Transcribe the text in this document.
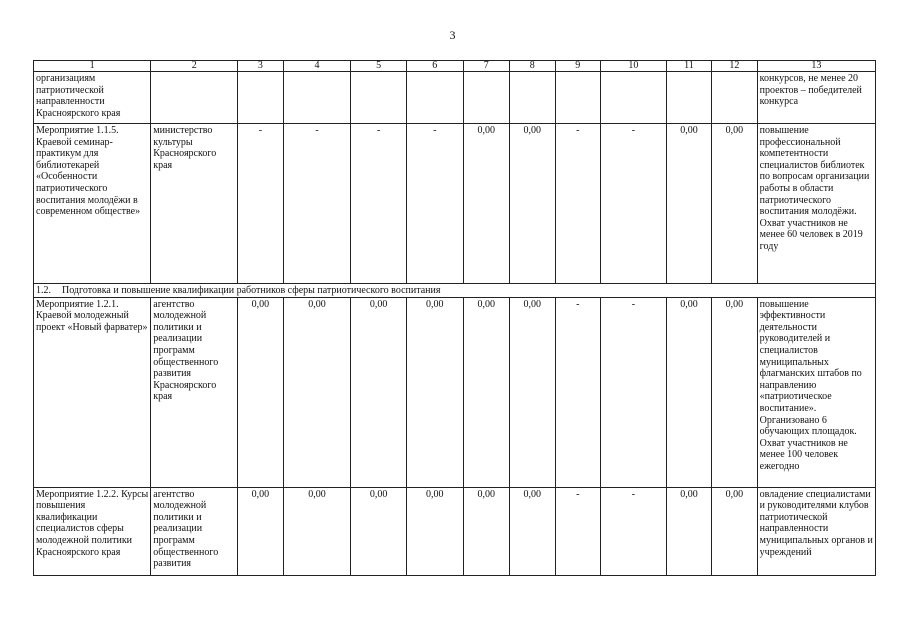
3
1	2	3	4	5	6	7	8	9	10	11	12	13
организациям патриотической направленности Красноярского края												конкурсов, не менее 20 проектов – победителей конкурса
Мероприятие 1.1.5. Краевой семинар-практикум для библиотекарей «Особенности патриотического воспитания молодёжи в современном обществе»	министерство культуры Красноярского края	-	-	-	-	0,00	0,00	-	-	0,00	0,00	повышение профессиональной компетентности специалистов библиотек по вопросам организации работы в области патриотического воспитания молодёжи. Охват участников не менее 60 человек в 2019 году
1.2. Подготовка и повышение квалификации работников сферы патриотического воспитания												
Мероприятие 1.2.1. Краевой молодежный проект «Новый фарватер»	агентство молодежной политики и реализации программ общественного развития Красноярского края	0,00	0,00	0,00	0,00	0,00	0,00	-	-	0,00	0,00	повышение эффективности деятельности руководителей и специалистов муниципальных флагманских штабов по направлению «патриотическое воспитание». Организовано 6 обучающих площадок. Охват участников не менее 100 человек ежегодно
Мероприятие 1.2.2. Курсы повышения квалификации специалистов сферы молодежной политики Красноярского края	агентство молодежной политики и реализации программ общественного развития	0,00	0,00	0,00	0,00	0,00	0,00	-	-	0,00	0,00	овладение специалистами и руководителями клубов патриотической направленности муниципальных органов и учреждений
